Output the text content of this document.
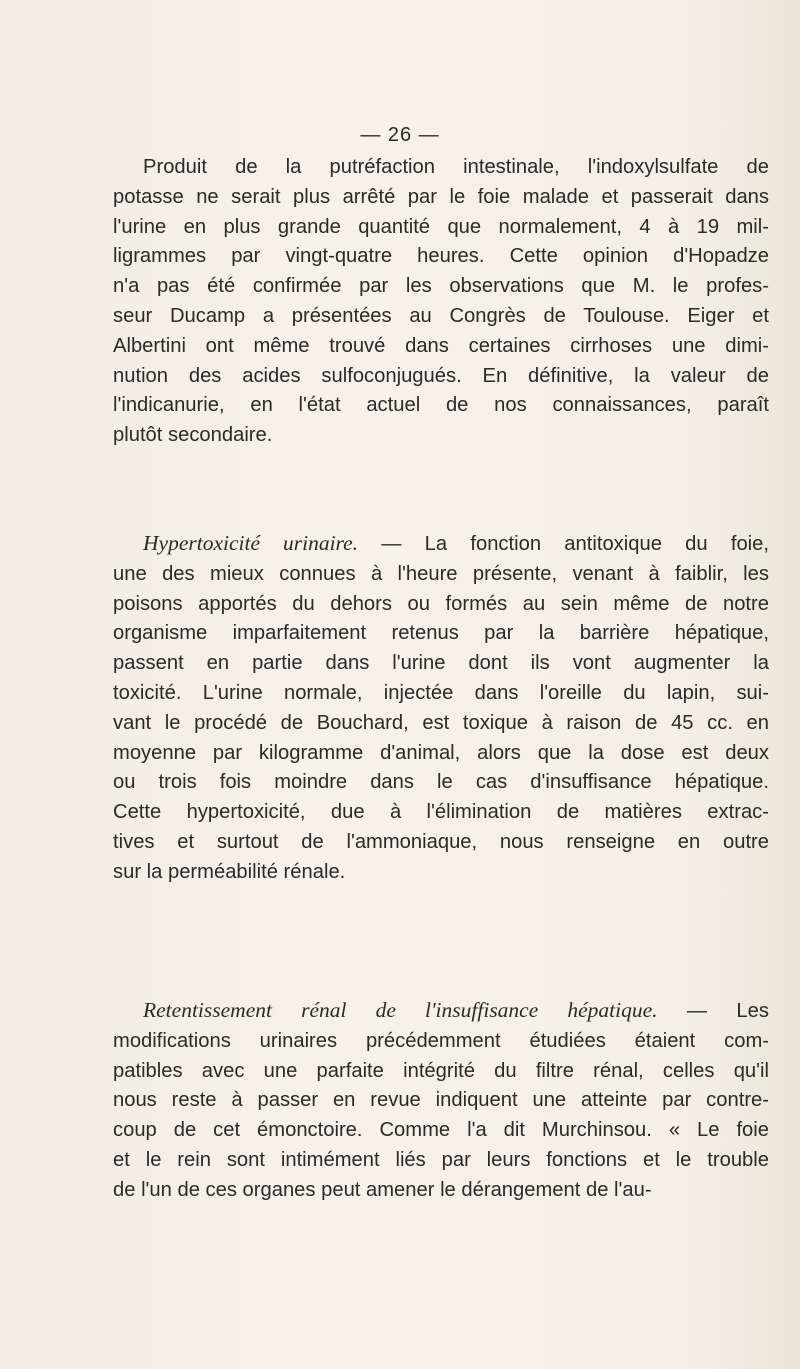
— 26 —
Produit de la putréfaction intestinale, l'indoxylsulfate de
potasse ne serait plus arrêté par le foie malade et passerait dans
l'urine en plus grande quantité que normalement, 4 à 19 mil-
ligrammes par vingt-quatre heures. Cette opinion d'Hopadze
n'a pas été confirmée par les observations que M. le profes-
seur Ducamp a présentées au Congrès de Toulouse. Eiger et
Albertini ont même trouvé dans certaines cirrhoses une dimi-
nution des acides sulfoconjugués. En définitive, la valeur de
l'indicanurie, en l'état actuel de nos connaissances, paraît
plutôt secondaire.
Hypertoxicité urinaire. — La fonction antitoxique du foie,
une des mieux connues à l'heure présente, venant à faiblir, les
poisons apportés du dehors ou formés au sein même de notre
organisme imparfaitement retenus par la barrière hépatique,
passent en partie dans l'urine dont ils vont augmenter la
toxicité. L'urine normale, injectée dans l'oreille du lapin, sui-
vant le procédé de Bouchard, est toxique à raison de 45 cc. en
moyenne par kilogramme d'animal, alors que la dose est deux
ou trois fois moindre dans le cas d'insuffisance hépatique.
Cette hypertoxicité, due à l'élimination de matières extrac-
tives et surtout de l'ammoniaque, nous renseigne en outre
sur la perméabilité rénale.
Retentissement rénal de l'insuffisance hépatique. — Les
modifications urinaires précédemment étudiées étaient com-
patibles avec une parfaite intégrité du filtre rénal, celles qu'il
nous reste à passer en revue indiquent une atteinte par contre-
coup de cet émonctoire. Comme l'a dit Murchinsou. « Le foie
et le rein sont intimément liés par leurs fonctions et le trouble
de l'un de ces organes peut amener le dérangement de l'au-
